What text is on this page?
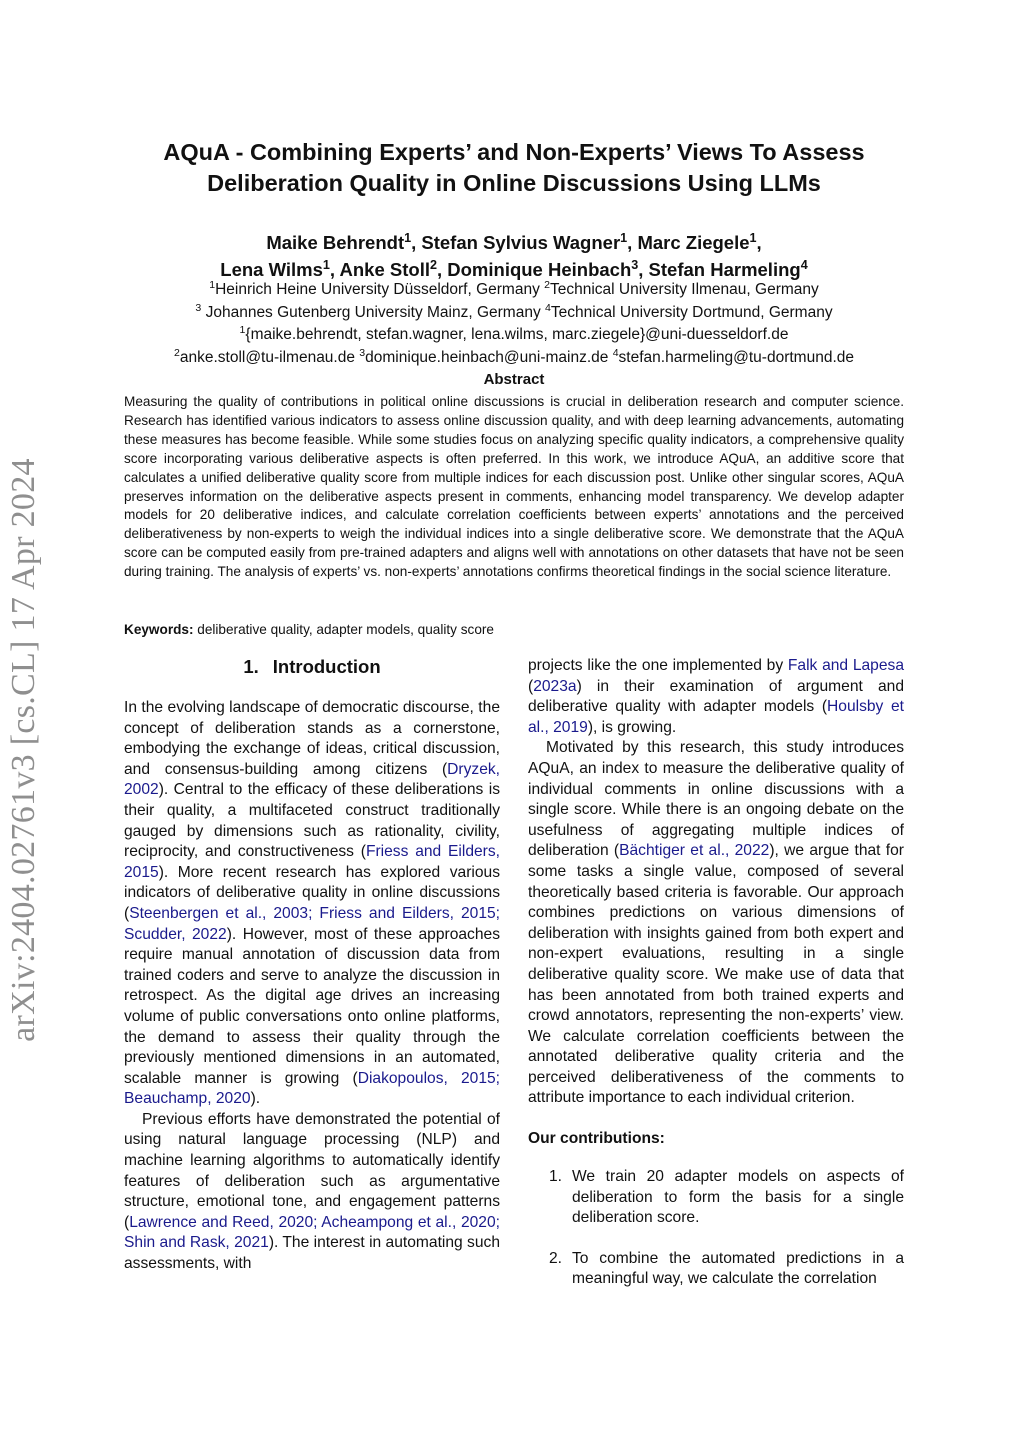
arXiv:2404.02761v3 [cs.CL] 17 Apr 2024
AQuA - Combining Experts’ and Non-Experts’ Views To Assess
Deliberation Quality in Online Discussions Using LLMs
Maike Behrendt$^1$, Stefan Sylvius Wagner$^1$, Marc Ziegele$^1$,
Lena Wilms$^1$, Anke Stoll$^2$, Dominique Heinbach$^3$, Stefan Harmeling$^4$
$^1$Heinrich Heine University Düsseldorf, Germany $^2$Technical University Ilmenau, Germany
$^3$ Johannes Gutenberg University Mainz, Germany $^4$Technical University Dortmund, Germany
$^1${maike.behrendt, stefan.wagner, lena.wilms, marc.ziegele}@uni-duesseldorf.de
$^2$anke.stoll@tu-ilmenau.de $^3$dominique.heinbach@uni-mainz.de $^4$stefan.harmeling@tu-dortmund.de
Abstract

Measuring the quality of contributions in political online discussions is crucial in deliberation research and computer science. Research has identified various indicators to assess online discussion quality, and with deep learning advancements, automating these measures has become feasible. While some studies focus on analyzing specific quality indicators, a comprehensive quality score incorporating various deliberative aspects is often preferred. In this work, we introduce AQuA, an additive score that calculates a unified deliberative quality score from multiple indices for each discussion post. Unlike other singular scores, AQuA preserves information on the deliberative aspects present in comments, enhancing model transparency. We develop adapter models for 20 deliberative indices, and calculate correlation coefficients between experts’ annotations and the perceived deliberativeness by non-experts to weigh the individual indices into a single deliberative score. We demonstrate that the AQuA score can be computed easily from pre-trained adapters and aligns well with annotations on other datasets that have not be seen during training. The analysis of experts’ vs. non-experts’ annotations confirms theoretical findings in the social science literature.

Keywords: deliberative quality, adapter models, quality score
1. Introduction

In the evolving landscape of democratic discourse, the concept of deliberation stands as a cornerstone, embodying the exchange of ideas, critical discussion, and consensus-building among citizens (Dryzek, 2002). Central to the efficacy of these deliberations is their quality, a multifaceted construct traditionally gauged by dimensions such as rationality, civility, reciprocity, and constructiveness (Friess and Eilders, 2015). More recent research has explored various indicators of deliberative quality in online discussions (Steenbergen et al., 2003; Friess and Eilders, 2015; Scudder, 2022). However, most of these approaches require manual annotation of discussion data from trained coders and serve to analyze the discussion in retrospect. As the digital age drives an increasing volume of public conversations onto online platforms, the demand to assess their quality through the previously mentioned dimensions in an automated, scalable manner is growing (Diakopoulos, 2015; Beauchamp, 2020).

Previous efforts have demonstrated the potential of using natural language processing (NLP) and machine learning algorithms to automatically identify features of deliberation such as argumentative structure, emotional tone, and engagement patterns (Lawrence and Reed, 2020; Acheampong et al., 2020; Shin and Rask, 2021). The interest in automating such assessments, with

projects like the one implemented by Falk and Lapesa (2023a) in their examination of argument and deliberative quality with adapter models (Houlsby et al., 2019), is growing.

Motivated by this research, this study introduces AQuA, an index to measure the deliberative quality of individual comments in online discussions with a single score. While there is an ongoing debate on the usefulness of aggregating multiple indices of deliberation (Bächtiger et al., 2022), we argue that for some tasks a single value, composed of several theoretically based criteria is favorable. Our approach combines predictions on various dimensions of deliberation with insights gained from both expert and non-expert evaluations, resulting in a single deliberative quality score. We make use of data that has been annotated from both trained experts and crowd annotators, representing the non-experts’ view. We calculate correlation coefficients between the annotated deliberative quality criteria and the perceived deliberativeness of the comments to attribute importance to each individual criterion.

Our contributions:
1. We train 20 adapter models on aspects of deliberation to form the basis for a single deliberation score.
2. To combine the automated predictions in a meaningful way, we calculate the correlation
